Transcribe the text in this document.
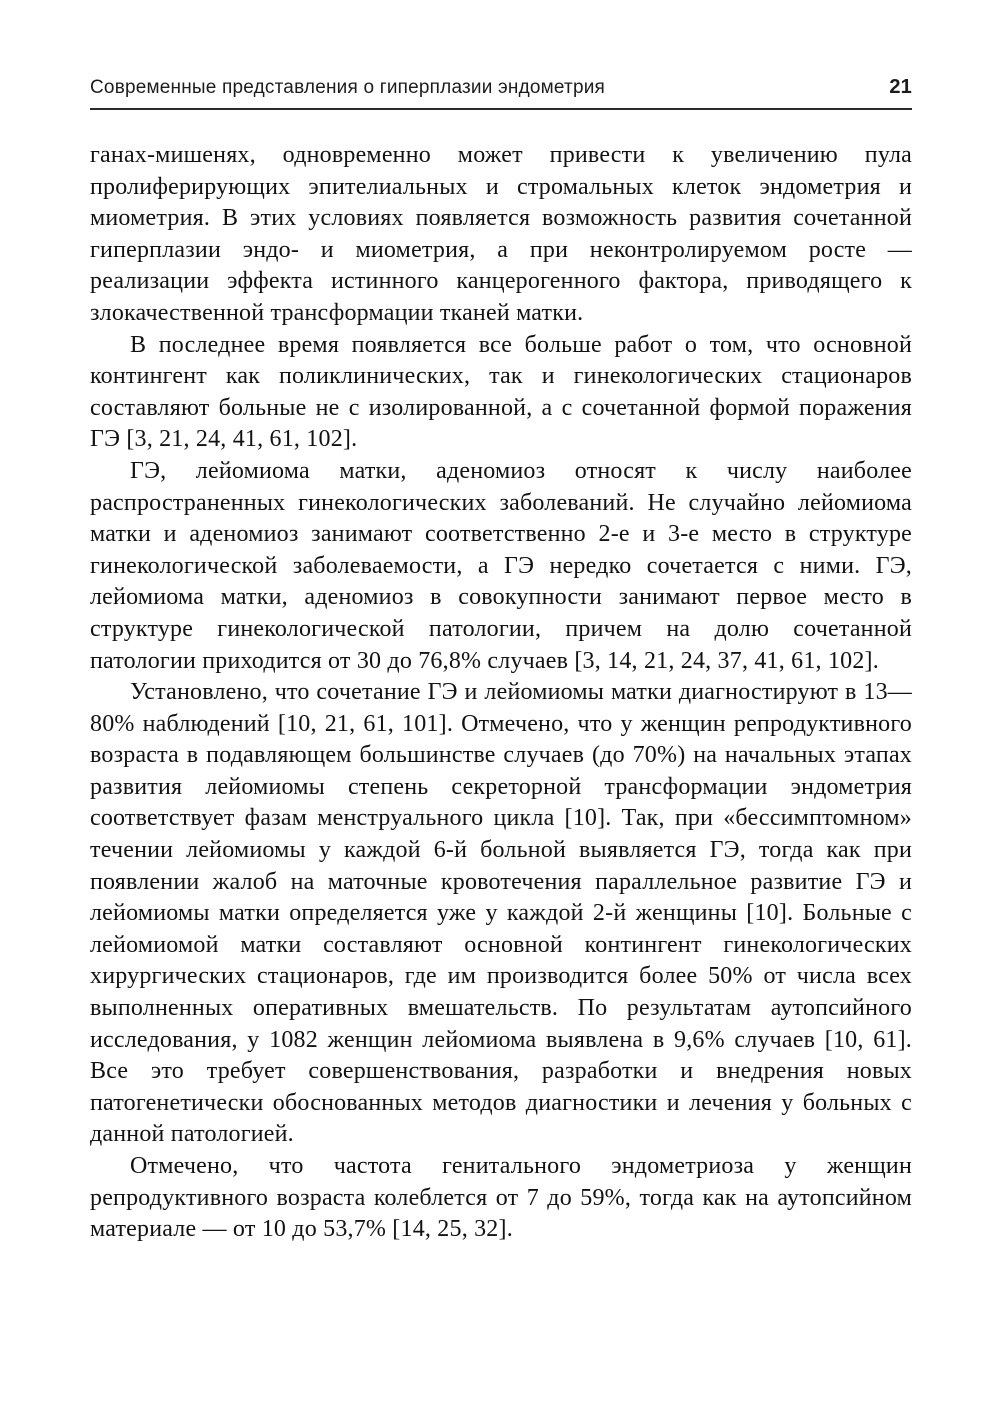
Современные представления о гиперплазии эндометрия	21

ганах-мишенях, одновременно может привести к увеличению пула пролиферирующих эпителиальных и стромальных клеток эндометрия и миометрия. В этих условиях появляется возможность развития сочетанной гиперплазии эндо- и миометрия, а при неконтролируемом росте — реализации эффекта истинного канцерогенного фактора, приводящего к злокачественной трансформации тканей матки.

В последнее время появляется все больше работ о том, что основной контингент как поликлинических, так и гинекологических стационаров составляют больные не с изолированной, а с сочетанной формой поражения ГЭ [3, 21, 24, 41, 61, 102].

ГЭ, лейомиома матки, аденомиоз относят к числу наиболее распространенных гинекологических заболеваний. Не случайно лейомиома матки и аденомиоз занимают соответственно 2-е и 3-е место в структуре гинекологической заболеваемости, а ГЭ нередко сочетается с ними. ГЭ, лейомиома матки, аденомиоз в совокупности занимают первое место в структуре гинекологической патологии, причем на долю сочетанной патологии приходится от 30 до 76,8% случаев [3, 14, 21, 24, 37, 41, 61, 102].

Установлено, что сочетание ГЭ и лейомиомы матки диагностируют в 13—80% наблюдений [10, 21, 61, 101]. Отмечено, что у женщин репродуктивного возраста в подавляющем большинстве случаев (до 70%) на начальных этапах развития лейомиомы степень секреторной трансформации эндометрия соответствует фазам менструального цикла [10]. Так, при «бессимптомном» течении лейомиомы у каждой 6-й больной выявляется ГЭ, тогда как при появлении жалоб на маточные кровотечения параллельное развитие ГЭ и лейомиомы матки определяется уже у каждой 2-й женщины [10]. Больные с лейомиомой матки составляют основной контингент гинекологических хирургических стационаров, где им производится более 50% от числа всех выполненных оперативных вмешательств. По результатам аутопсийного исследования, у 1082 женщин лейомиома выявлена в 9,6% случаев [10, 61]. Все это требует совершенствования, разработки и внедрения новых патогенетически обоснованных методов диагностики и лечения у больных с данной патологией.

Отмечено, что частота генитального эндометриоза у женщин репродуктивного возраста колеблется от 7 до 59%, тогда как на аутопсийном материале — от 10 до 53,7% [14, 25, 32].
